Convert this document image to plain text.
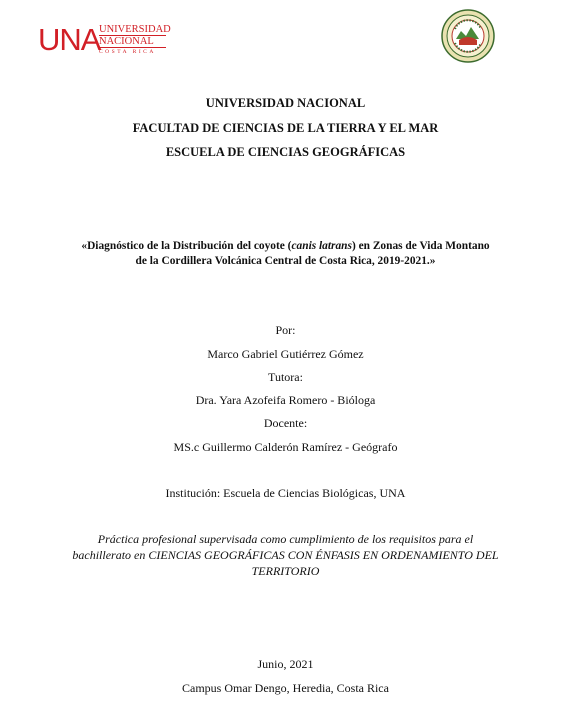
UNA
UNIVERSIDAD
NACIONAL
COSTA RICA
UNIVERSIDAD NACIONAL
FACULTAD DE CIENCIAS DE LA TIERRA Y EL MAR
ESCUELA DE CIENCIAS GEOGRÁFICAS
«Diagnóstico de la Distribución del coyote (canis latrans) en Zonas de Vida Montano
de la Cordillera Volcánica Central de Costa Rica, 2019-2021.»
Por:
Marco Gabriel Gutiérrez Gómez
Tutora:
Dra. Yara Azofeifa Romero - Bióloga
Docente:
MS.c Guillermo Calderón Ramírez - Geógrafo
Institución: Escuela de Ciencias Biológicas, UNA
Práctica profesional supervisada como cumplimiento de los requisitos para el
bachillerato en CIENCIAS GEOGRÁFICAS CON ÉNFASIS EN ORDENAMIENTO DEL
TERRITORIO
Junio, 2021
Campus Omar Dengo, Heredia, Costa Rica
